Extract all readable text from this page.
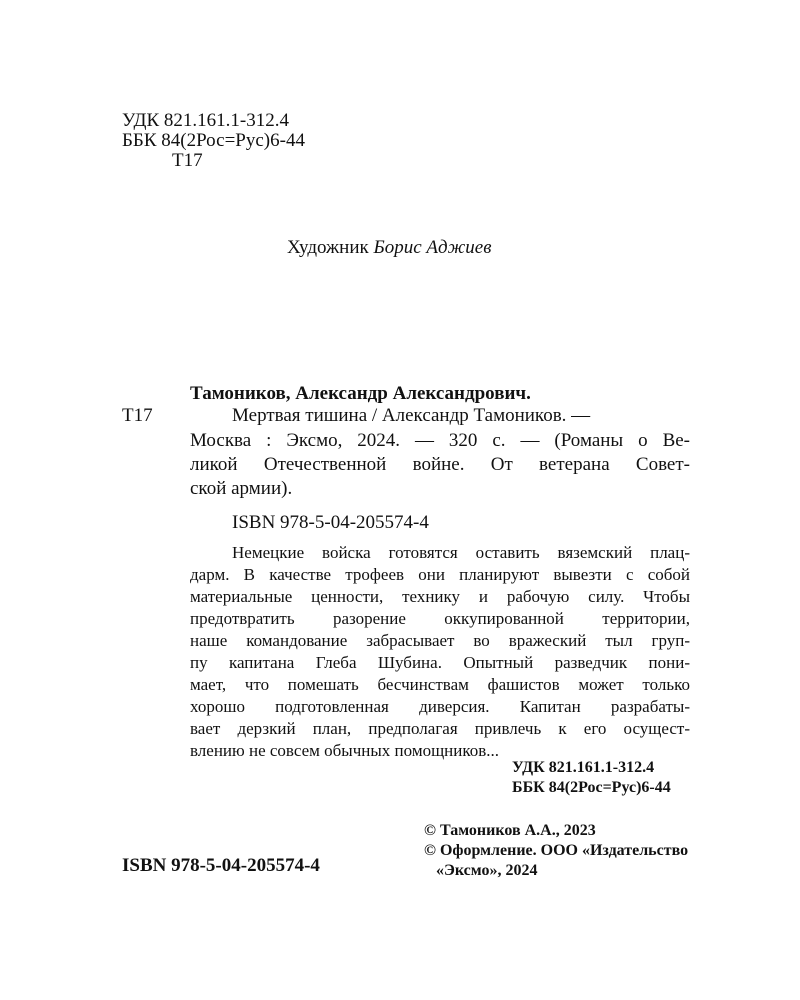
УДК 821.161.1-312.4
ББК 84(2Рос=Рус)6-44
Т17
Художник Борис Аджиев
Тамоников, Александр Александрович.
Т17	Мертвая тишина / Александр Тамоников. —
Москва : Эксмо, 2024. — 320 с. — (Романы о Ве-
ликой Отечественной войне. От ветерана Совет-
ской армии).
ISBN 978-5-04-205574-4
Немецкие войска готовятся оставить вяземский плац-
дарм. В качестве трофеев они планируют вывезти с собой
материальные ценности, технику и рабочую силу. Чтобы
предотвратить разорение оккупированной территории,
наше командование забрасывает во вражеский тыл груп-
пу капитана Глеба Шубина. Опытный разведчик пони-
мает, что помешать бесчинствам фашистов может только
хорошо подготовленная диверсия. Капитан разрабаты-
вает дерзкий план, предполагая привлечь к его осущест-
влению не совсем обычных помощников...
УДК 821.161.1-312.4
ББК 84(2Рос=Рус)6-44
© Тамоников А.А., 2023
© Оформление. ООО «Издательство
«Эксмо», 2024
ISBN 978-5-04-205574-4
